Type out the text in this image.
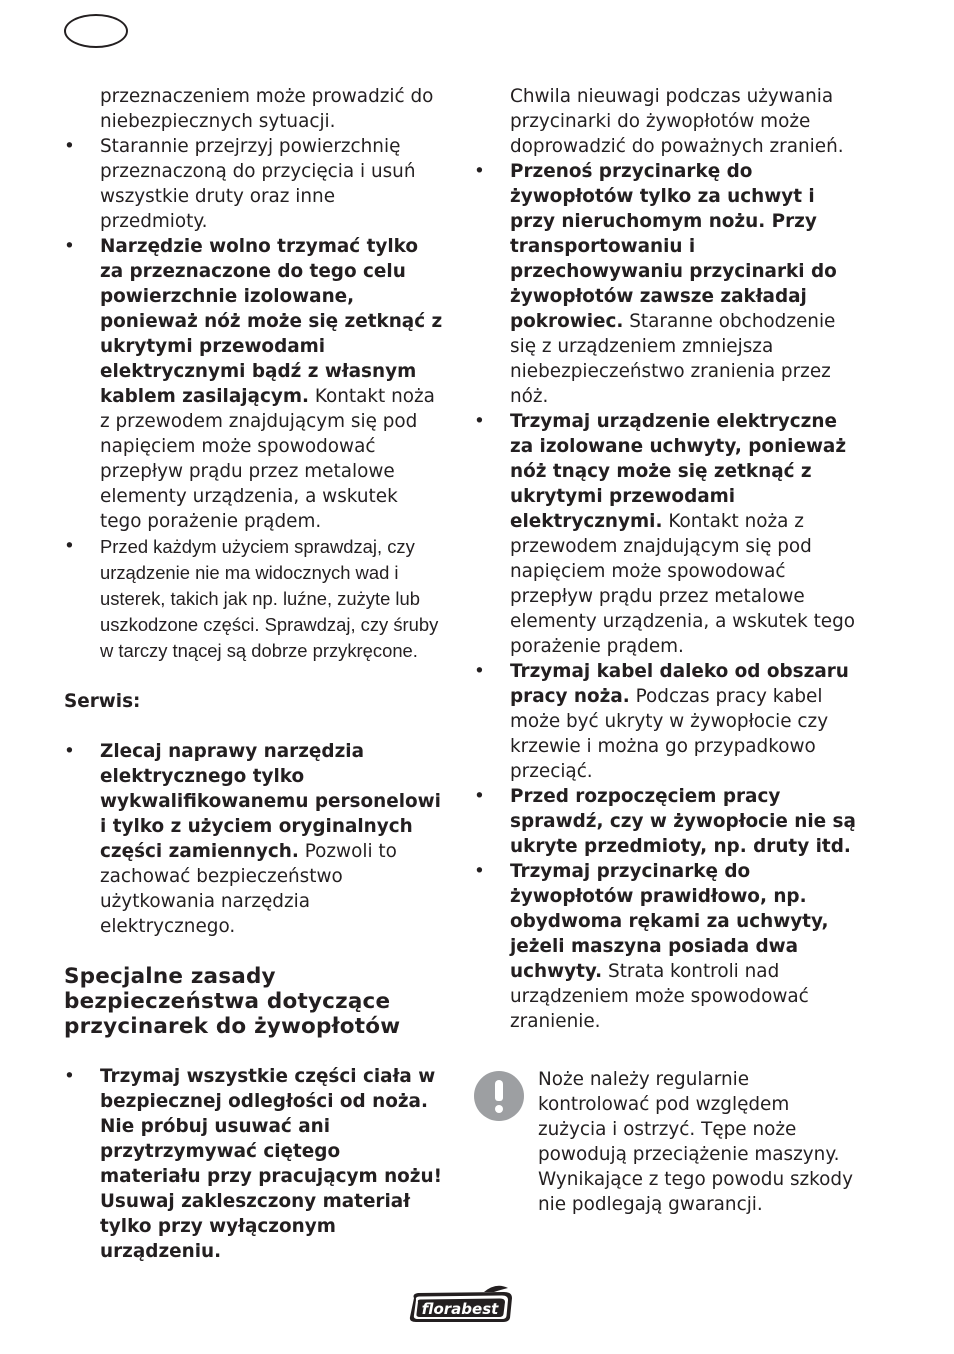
przeznaczeniem może prowadzić do niebezpiecznych sytuacji.

• Starannie przejrzyj powierzchnię przeznaczoną do przycięcia i usuń wszystkie druty oraz inne przedmioty.
• Narzędzie wolno trzymać tylko za przeznaczone do tego celu powierzchnie izolowane, ponieważ nóż może się zetknąć z ukrytymi przewodami elektrycznymi bądź z własnym kablem zasilającym. Kontakt noża z przewodem znajdującym się pod napięciem może spowodować przepływ prądu przez metalowe elementy urządzenia, a wskutek tego porażenie prądem.
• Przed każdym użyciem sprawdzaj, czy urządzenie nie ma widocznych wad i usterek, takich jak np. luźne, zużyte lub uszkodzone części. Sprawdzaj, czy śruby w tarczy tnącej są dobrze przykręcone.

Serwis:

• Zlecaj naprawy narzędzia elektrycznego tylko wykwalifikowanemu personelowi i tylko z użyciem oryginalnych części zamiennych. Pozwoli to zachować bezpieczeństwo użytkowania narzędzia elektrycznego.

Specjalne zasady bezpieczeństwa dotyczące przycinarek do żywopłotów

• Trzymaj wszystkie części ciała w bezpiecznej odległości od noża. Nie próbuj usuwać ani przytrzymywać ciętego materiału przy pracującym nożu! Usuwaj zakleszczony materiał tylko przy wyłączonym urządzeniu.

Chwila nieuwagi podczas używania przycinarki do żywopłotów może doprowadzić do poważnych zranień.

• Przenoś przycinarkę do żywopłotów tylko za uchwyt i przy nieruchomym nożu. Przy transportowaniu i przechowywaniu przycinarki do żywopłotów zawsze zakładaj pokrowiec. Staranne obchodzenie się z urządzeniem zmniejsza niebezpieczeństwo zranienia przez nóż.
• Trzymaj urządzenie elektryczne za izolowane uchwyty, ponieważ nóż tnący może się zetknąć z ukrytymi przewodami elektrycznymi. Kontakt noża z przewodem znajdującym się pod napięciem może spowodować przepływ prądu przez metalowe elementy urządzenia, a wskutek tego porażenie prądem.
• Trzymaj kabel daleko od obszaru pracy noża. Podczas pracy kabel może być ukryty w żywopłocie czy krzewie i można go przypadkowo przeciąć.
• Przed rozpoczęciem pracy sprawdź, czy w żywopłocie nie są ukryte przedmioty, np. druty itd.
• Trzymaj przycinarkę do żywopłotów prawidłowo, np. obydwoma rękami za uchwyty, jeżeli maszyna posiada dwa uchwyty. Strata kontroli nad urządzeniem może spowodować zranienie.

Noże należy regularnie kontrolować pod względem zużycia i ostrzyć. Tępe noże powodują przeciążenie maszyny. Wynikające z tego powodu szkody nie podlegają gwarancji.

florabest
